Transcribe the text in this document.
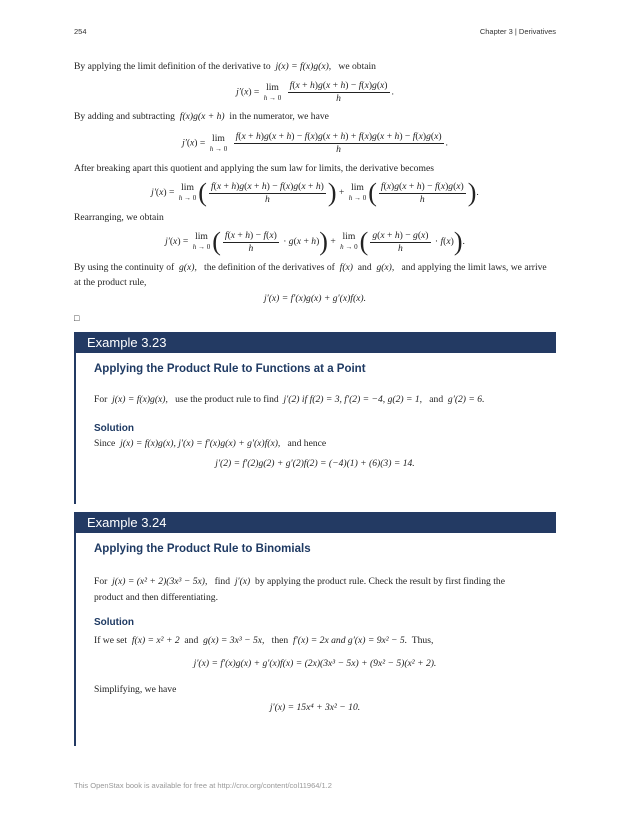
254	Chapter 3 | Derivatives
By applying the limit definition of the derivative to j(x) = f(x)g(x), we obtain
j′(x) = lim
h → 0
$\frac{f(x + h)g(x + h) - f(x)g(x)}{h}$ .
By adding and subtracting f(x)g(x + h) in the numerator, we have
j′(x) = lim
h → 0
$\frac{f(x + h)g(x + h) - f(x)g(x + h) + f(x)g(x + h) - f(x)g(x)}{h}$ .
After breaking apart this quotient and applying the sum law for limits, the derivative becomes
j′(x) = lim
h → 0 ( $\frac{f(x + h)g(x + h) - f(x)g(x + h)}{h}$ ) + lim
h → 0 ( $\frac{f(x)g(x + h) - f(x)g(x)}{h}$ ).
Rearranging, we obtain
j′(x) = lim
h → 0 ( $\frac{f(x + h) - f(x)}{h} \cdot g(x + h)) + \lim$
h → 0 ( $\frac{g(x + h) - g(x)}{h} \cdot f(x)$).
By using the continuity of g(x), the definition of the derivatives of f(x) and g(x), and applying the limit laws, we arrive
at the product rule,
j′(x) = f′(x)g(x) + g′(x)f(x).
□
Example 3.23
Applying the Product Rule to Functions at a Point
For j(x) = f(x)g(x), use the product rule to find j′(2) if f(2) = 3, f′(2) = −4, g(2) = 1, and g′(2) = 6.
Solution
Since j(x) = f(x)g(x), j′(x) = f′(x)g(x) + g′(x)f(x), and hence
j′(2) = f′(2)g(2) + g′(2)f(2) = (−4)(1) + (6)(3) = 14.
Example 3.24
Applying the Product Rule to Binomials
For j(x) = (x² + 2)(3x³ − 5x), find j′(x) by applying the product rule. Check the result by first finding the
product and then differentiating.
Solution
If we set f(x) = x² + 2 and g(x) = 3x³ − 5x, then f′(x) = 2x and g′(x) = 9x² − 5. Thus,
j′(x) = f′(x)g(x) + g′(x)f(x) = (2x)(3x³ − 5x) + (9x² − 5)(x² + 2).
Simplifying, we have
j′(x) = 15x⁴ + 3x² − 10.
This OpenStax book is available for free at http://cnx.org/content/col11964/1.2
